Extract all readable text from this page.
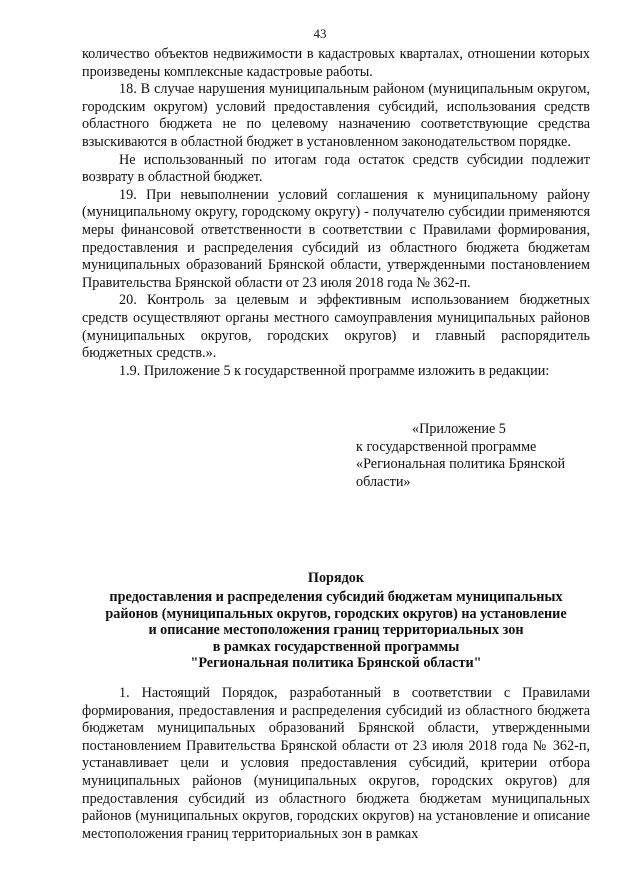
43

количество объектов недвижимости в кадастровых кварталах, отношении которых произведены комплексные кадастровые работы.

18. В случае нарушения муниципальным районом (муниципальным округом, городским округом) условий предоставления субсидий, использования средств областного бюджета не по целевому назначению соответствующие средства взыскиваются в областной бюджет в установленном законодательством порядке.

Не использованный по итогам года остаток средств субсидии подлежит возврату в областной бюджет.

19. При невыполнении условий соглашения к муниципальному району (муниципальному округу, городскому округу) - получателю субсидии применяются меры финансовой ответственности в соответствии с Правилами формирования, предоставления и распределения субсидий из областного бюджета бюджетам муниципальных образований Брянской области, утвержденными постановлением Правительства Брянской области от 23 июля 2018 года № 362-п.

20. Контроль за целевым и эффективным использованием бюджетных средств осуществляют органы местного самоуправления муниципальных районов (муниципальных округов, городских округов) и главный распорядитель бюджетных средств.».

1.9. Приложение 5 к государственной программе изложить в редакции:

«Приложение 5
к государственной программе
«Региональная политика Брянской
области»
Порядок
предоставления и распределения субсидий бюджетам муниципальных
районов (муниципальных округов, городских округов) на установление
и описание местоположения границ территориальных зон
в рамках государственной программы
"Региональная политика Брянской области"

1. Настоящий Порядок, разработанный в соответствии с Правилами формирования, предоставления и распределения субсидий из областного бюджета бюджетам муниципальных образований Брянской области, утвержденными постановлением Правительства Брянской области от 23 июля 2018 года № 362-п, устанавливает цели и условия предоставления субсидий, критерии отбора муниципальных районов (муниципальных округов, городских округов) для предоставления субсидий из областного бюджета бюджетам муниципальных районов (муниципальных округов, городских округов) на установление и описание местоположения границ территориальных зон в рамках
